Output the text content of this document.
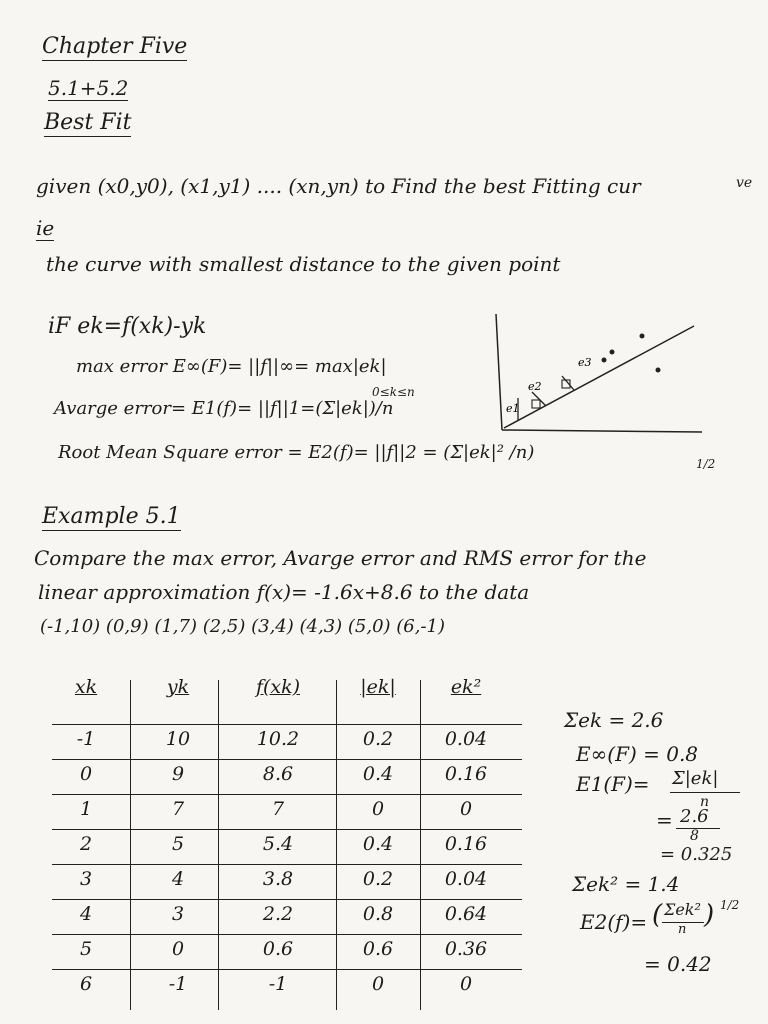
Chapter Five
5.1+5.2
Best Fit
given (x0,y0), (x1,y1) .... (xn,yn) to Find the best Fitting cur	ve
ie
the curve with smallest distance to the given point
iF ek=f(xk)-yk
max error E∞(F)= ||f||∞= max|ek|
0≤k≤n
Avarge error= E1(f)= ||f||1=(Σ|ek|)/n
Root Mean Square error = E2(f)= ||f||2 = (Σ|ek|² /n)
1/2
e1
e2
e3
Example 5.1
Compare the max error, Avarge error and RMS error for the
linear approximation f(x)= -1.6x+8.6 to the data
(-1,10) (0,9) (1,7) (2,5) (3,4) (4,3) (5,0) (6,-1)
xk	yk	f(xk)	|ek|	ek²
-1	10	10.2	0.2	0.04
0	9	8.6	0.4	0.16
1	7	7	0	0
2	5	5.4	0.4	0.16
3	4	3.8	0.2	0.04
4	3	2.2	0.8	0.64
5	0	0.6	0.6	0.36
6	-1	-1	0	0
Σek = 2.6
E∞(F) = 0.8
E1(F)= Σ|ek|
n
= 2.6
8
= 0.325
Σek² = 1.4
E2(f)= ( Σek²
n ) 1/2
= 0.42
